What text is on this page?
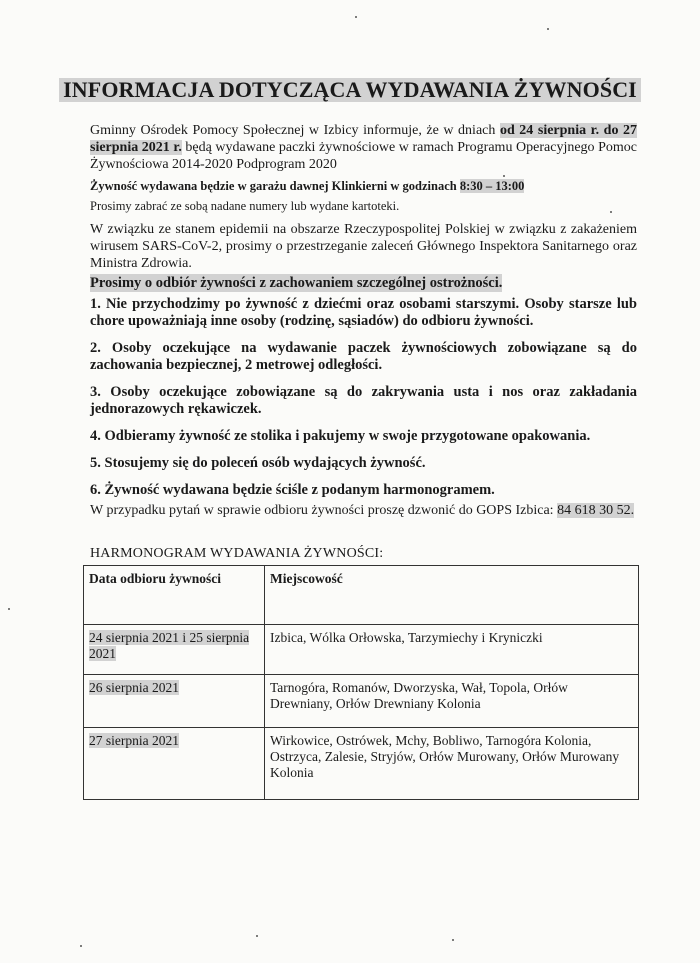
INFORMACJA DOTYCZĄCA WYDAWANIA ŻYWNOŚCI
Gminny Ośrodek Pomocy Społecznej w Izbicy informuje, że w dniach od 24 sierpnia r. do 27 sierpnia 2021 r. będą wydawane paczki żywnościowe w ramach Programu Operacyjnego Pomoc Żywnościowa 2014-2020 Podprogram 2020
Żywność wydawana będzie w garażu dawnej Klinkierni w godzinach 8:30 – 13:00
Prosimy zabrać ze sobą nadane numery lub wydane kartoteki.
W związku ze stanem epidemii na obszarze Rzeczypospolitej Polskiej w związku z zakażeniem wirusem SARS-CoV-2, prosimy o przestrzeganie zaleceń Głównego Inspektora Sanitarnego oraz Ministra Zdrowia.
Prosimy o odbiór żywności z zachowaniem szczególnej ostrożności.
1. Nie przychodzimy po żywność z dziećmi oraz osobami starszymi. Osoby starsze lub chore upoważniają inne osoby (rodzinę, sąsiadów) do odbioru żywności.
2. Osoby oczekujące na wydawanie paczek żywnościowych zobowiązane są do zachowania bezpiecznej, 2 metrowej odległości.
3. Osoby oczekujące zobowiązane są do zakrywania usta i nos oraz zakładania jednorazowych rękawiczek.
4. Odbieramy żywność ze stolika i pakujemy w swoje przygotowane opakowania.
5. Stosujemy się do poleceń osób wydających żywność.
6. Żywność wydawana będzie ściśle z podanym harmonogramem.
W przypadku pytań w sprawie odbioru żywności proszę dzwonić do GOPS Izbica: 84 618 30 52.
HARMONOGRAM WYDAWANIA ŻYWNOŚCI:
Data odbioru żywności	Miejscowość
24 sierpnia 2021 i 25 sierpnia 2021	Izbica, Wólka Orłowska, Tarzymiechy i Kryniczki
26 sierpnia 2021	Tarnogóra, Romanów, Dworzyska, Wał, Topola, Orłów Drewniany, Orłów Drewniany Kolonia
27 sierpnia 2021	Wirkowice, Ostrówek, Mchy, Bobliwo, Tarnogóra Kolonia, Ostrzyca, Zalesie, Stryjów, Orłów Murowany, Orłów Murowany Kolonia
